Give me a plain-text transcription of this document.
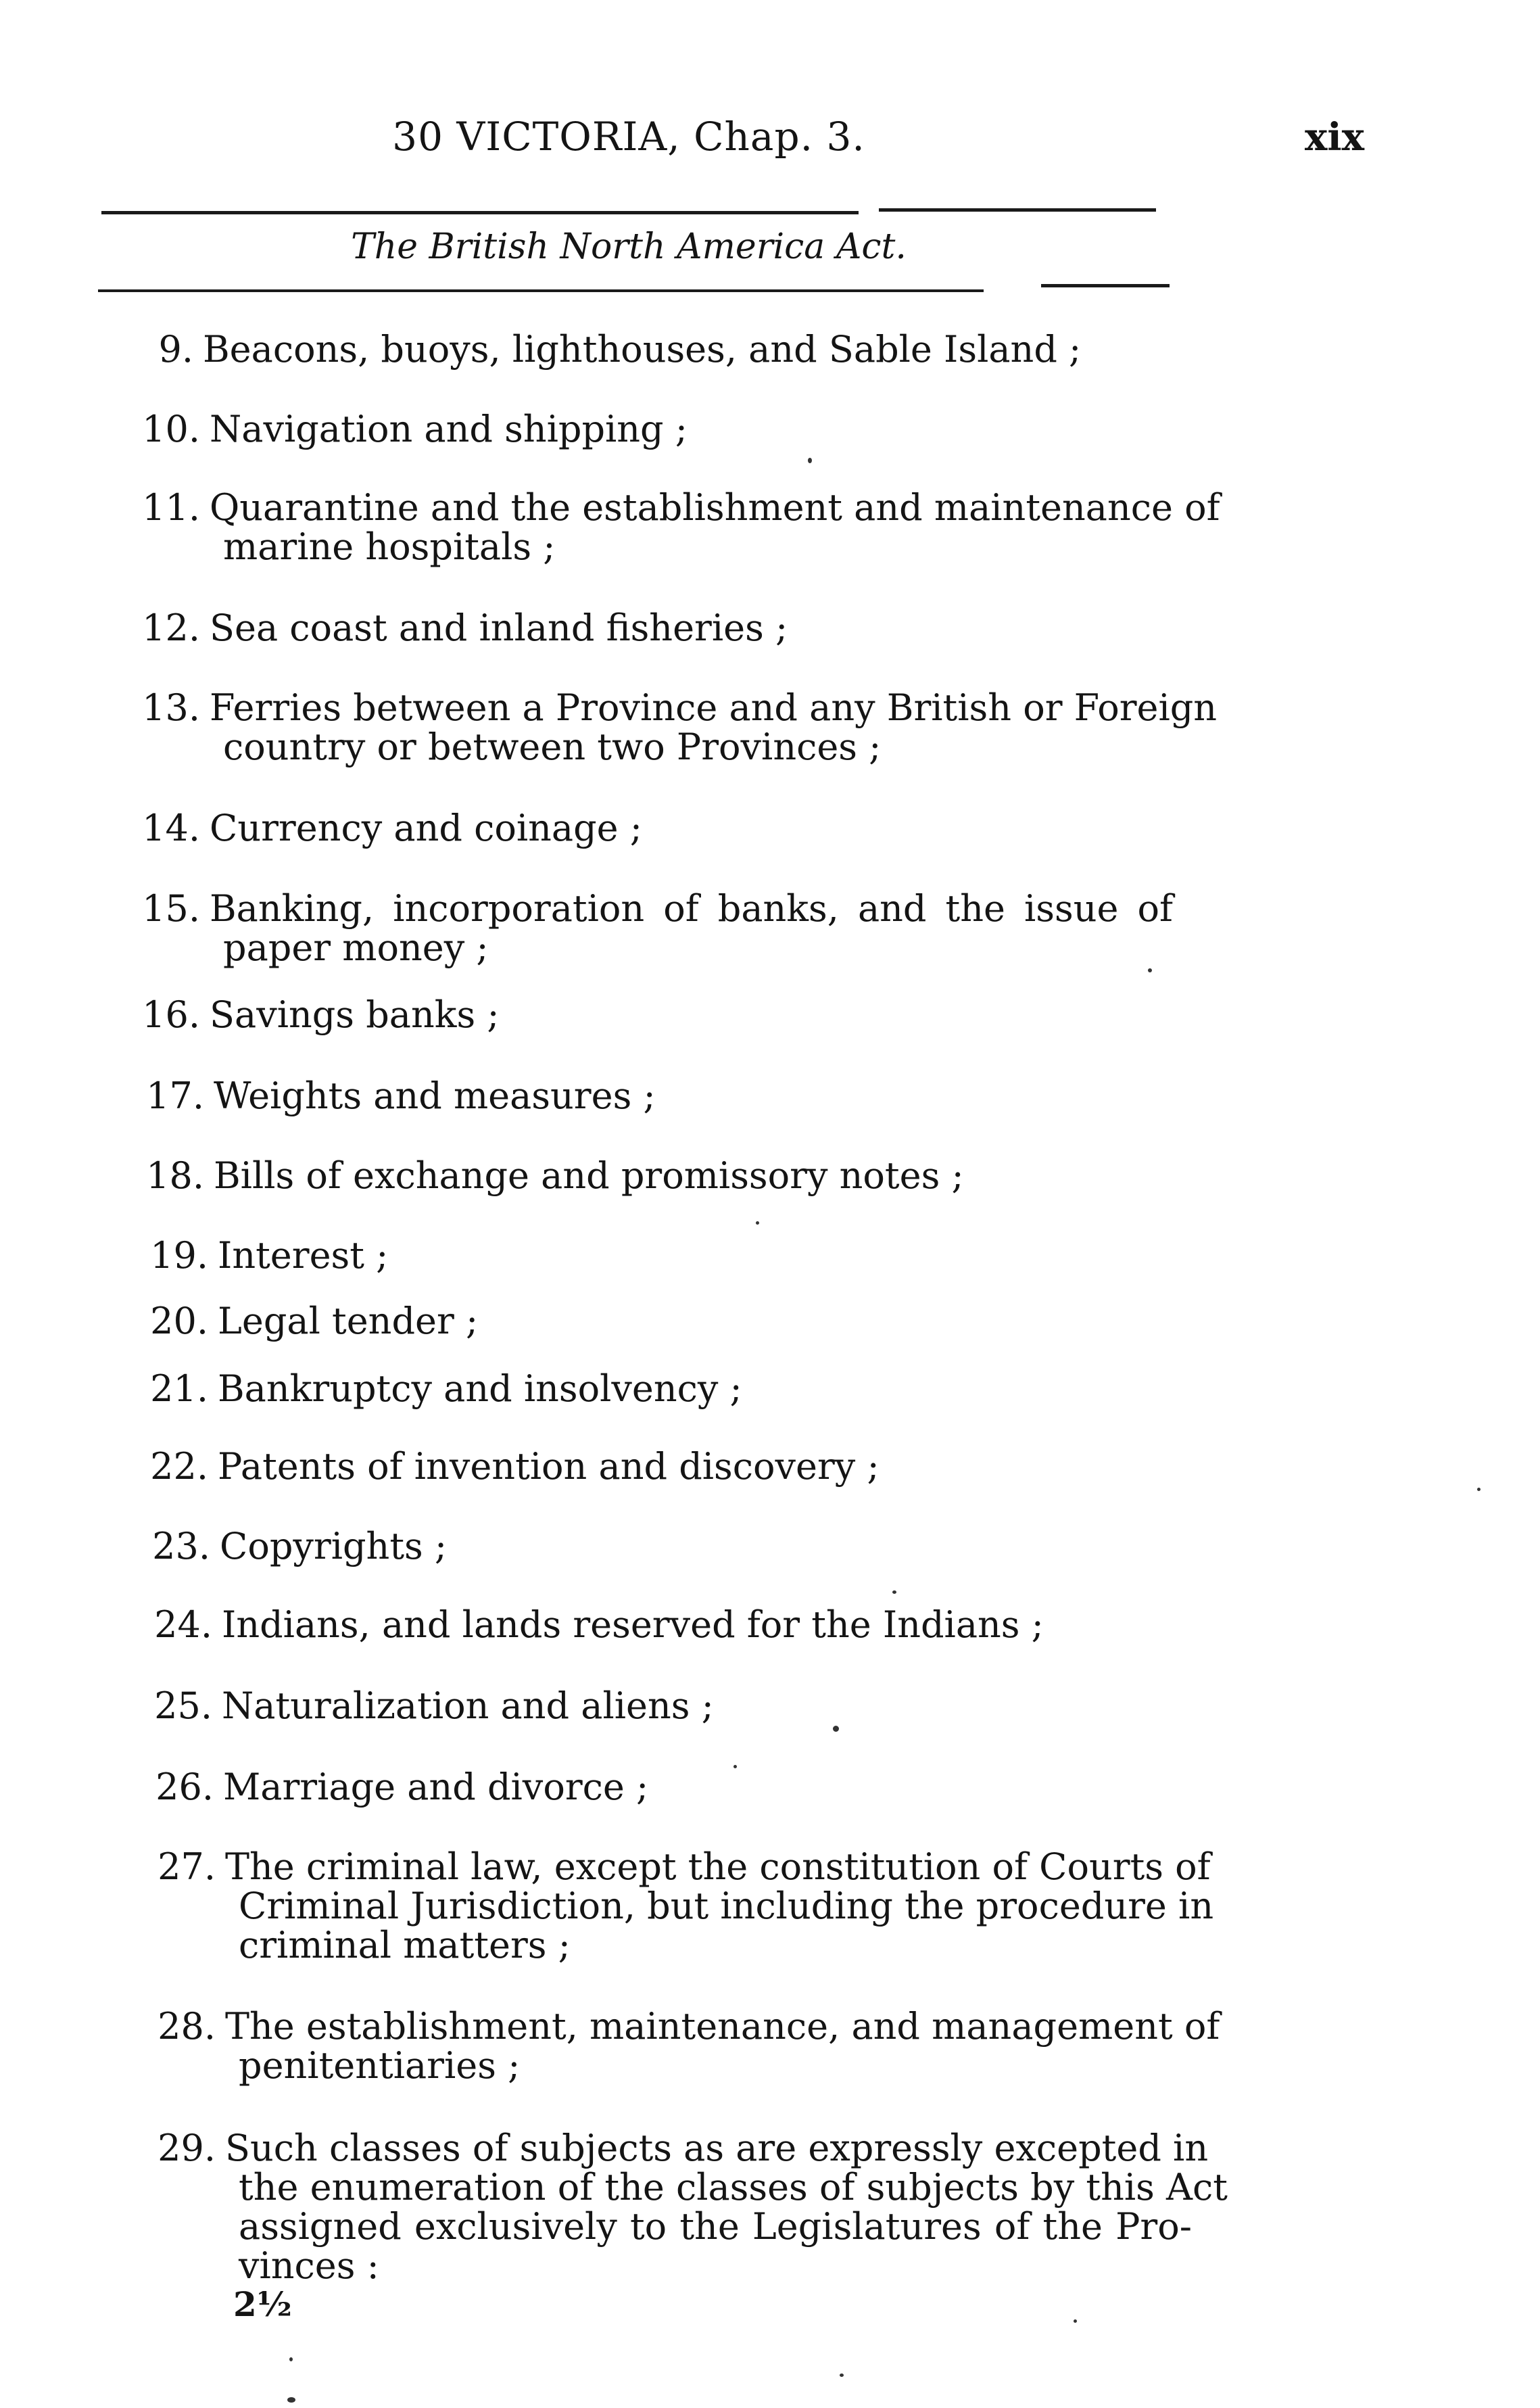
30 VICTORIA, Chap. 3.	xix
The British North America Act.
9. Beacons, buoys, lighthouses, and Sable Island ;
10. Navigation and shipping ;
11. Quarantine and the establishment and maintenance of
marine hospitals ;
12. Sea coast and inland fisheries ;
13. Ferries between a Province and any British or Foreign
country or between two Provinces ;
14. Currency and coinage ;
15. Banking, incorporation of banks, and the issue of
paper money ;
16. Savings banks ;
17. Weights and measures ;
18. Bills of exchange and promissory notes ;
19. Interest ;
20. Legal tender ;
21. Bankruptcy and insolvency ;
22. Patents of invention and discovery ;
23. Copyrights ;
24. Indians, and lands reserved for the Indians ;
25. Naturalization and aliens ;
26. Marriage and divorce ;
27. The criminal law, except the constitution of Courts of
Criminal Jurisdiction, but including the procedure in
criminal matters ;
28. The establishment, maintenance, and management of
penitentiaries ;
29. Such classes of subjects as are expressly excepted in
the enumeration of the classes of subjects by this Act
assigned exclusively to the Legislatures of the Pro-
vinces :
2½
